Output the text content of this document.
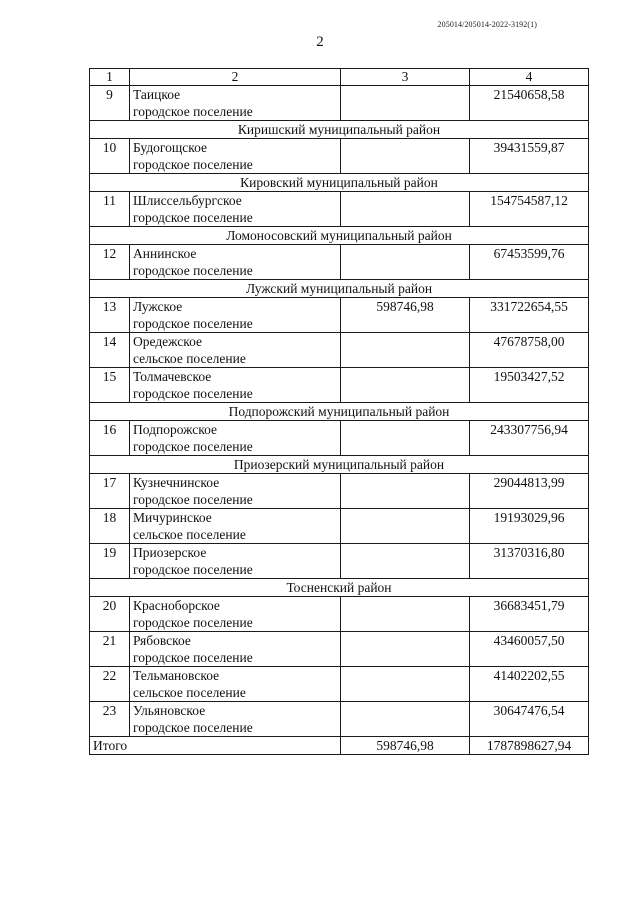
205014/205014-2022-3192(1)
2
1	2	3	4
9	Таицкое
городское поселение		21540658,58
Киришский муниципальный район			
10	Будогощское
городское поселение		39431559,87
Кировский муниципальный район			
11	Шлиссельбургское
городское поселение		154754587,12
Ломоносовский муниципальный район			
12	Аннинское
городское поселение		67453599,76
Лужский муниципальный район			
13	Лужское
городское поселение	598746,98	331722654,55
14	Оредежское
сельское поселение		47678758,00
15	Толмачевское
городское поселение		19503427,52
Подпорожский муниципальный район			
16	Подпорожское
городское поселение		243307756,94
Приозерский муниципальный район			
17	Кузнечнинское
городское поселение		29044813,99
18	Мичуринское
сельское поселение		19193029,96
19	Приозерское
городское поселение		31370316,80
Тосненский район			
20	Красноборское
городское поселение		36683451,79
21	Рябовское
городское поселение		43460057,50
22	Тельмановское
сельское поселение		41402202,55
23	Ульяновское
городское поселение		30647476,54
Итого		598746,98	1787898627,94
